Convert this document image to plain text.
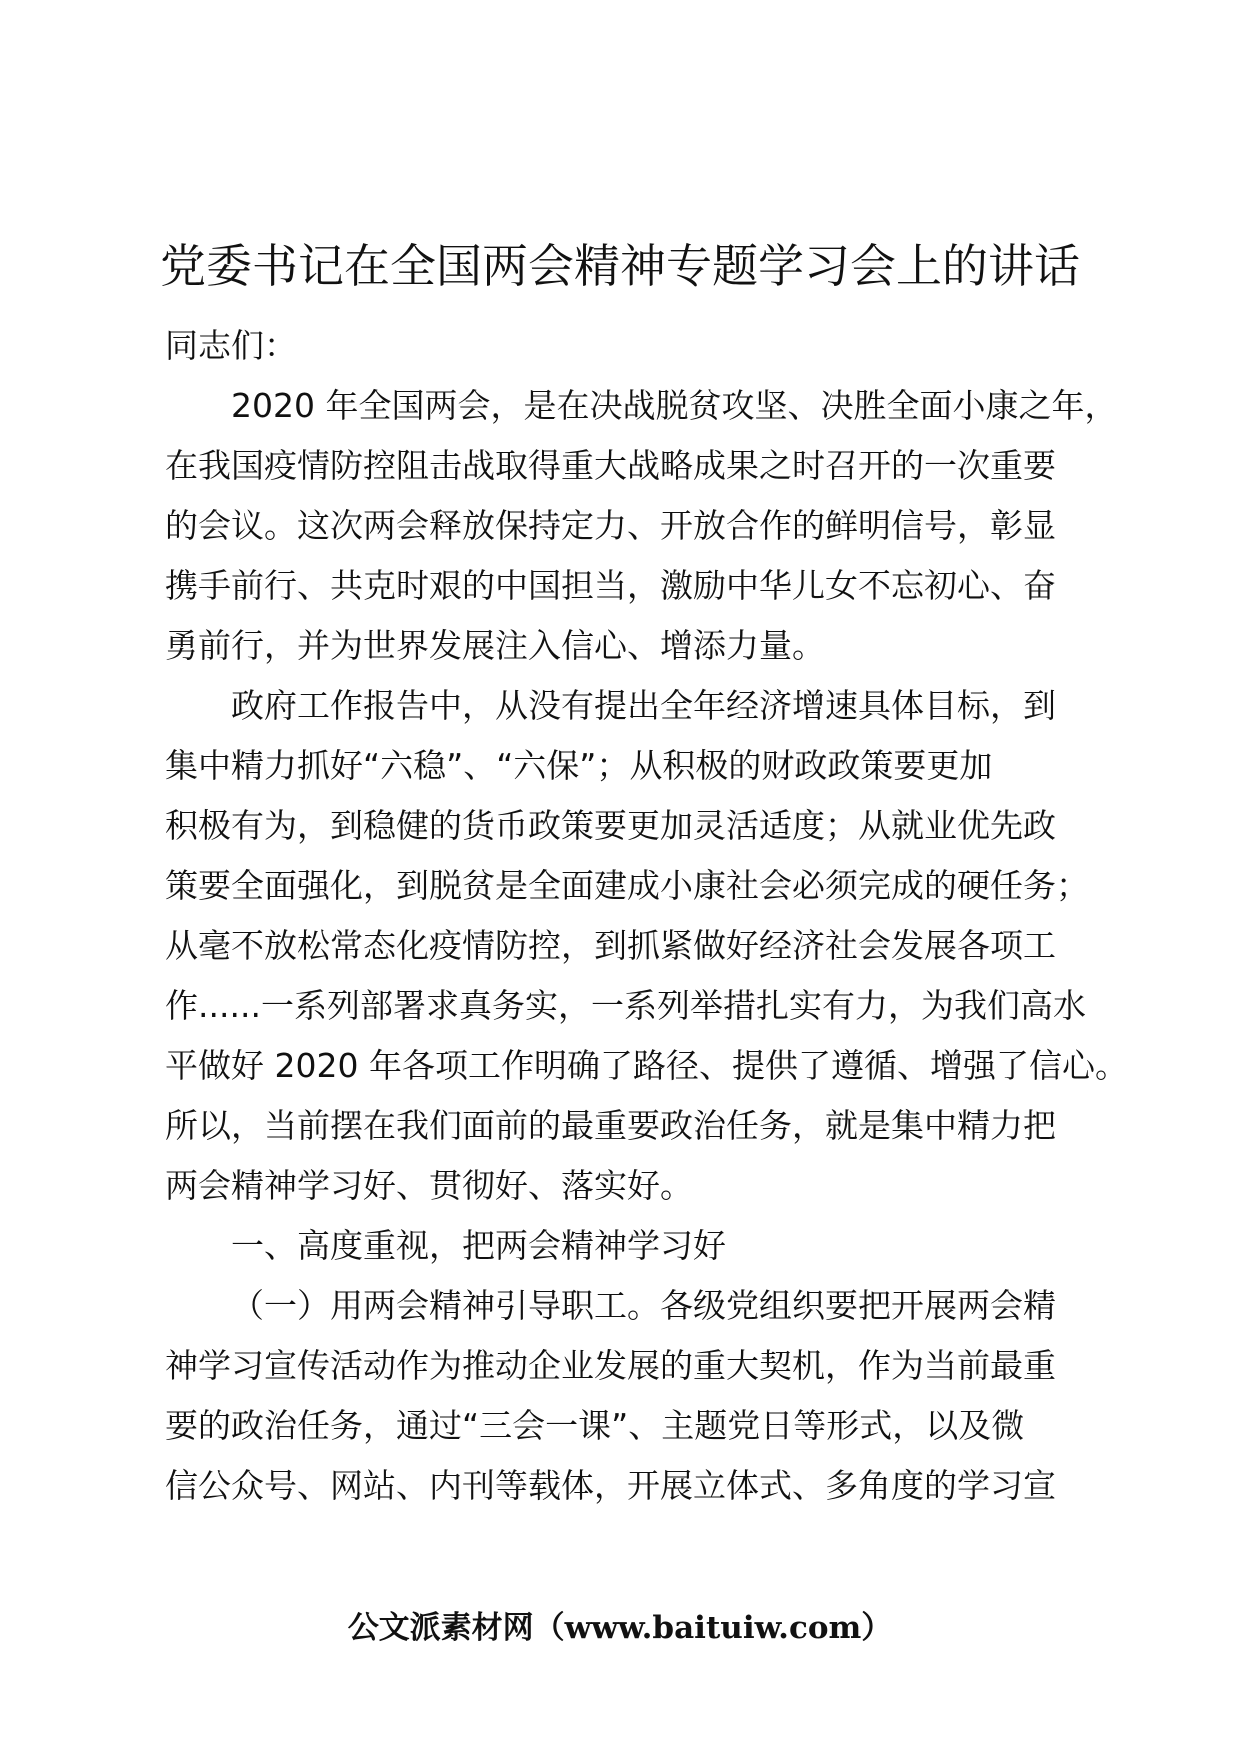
党委书记在全国两会精神专题学习会上的讲话
同志们：
2020 年全国两会，是在决战脱贫攻坚、决胜全面小康之年，
在我国疫情防控阻击战取得重大战略成果之时召开的一次重要
的会议。这次两会释放保持定力、开放合作的鲜明信号，彰显
携手前行、共克时艰的中国担当，激励中华儿女不忘初心、奋
勇前行，并为世界发展注入信心、增添力量。
政府工作报告中，从没有提出全年经济增速具体目标，到
集中精力抓好“六稳”、“六保”；从积极的财政政策要更加
积极有为，到稳健的货币政策要更加灵活适度；从就业优先政
策要全面强化，到脱贫是全面建成小康社会必须完成的硬任务；
从毫不放松常态化疫情防控，到抓紧做好经济社会发展各项工
作......一系列部署求真务实，一系列举措扎实有力，为我们高水
平做好 2020 年各项工作明确了路径、提供了遵循、增强了信心。
所以，当前摆在我们面前的最重要政治任务，就是集中精力把
两会精神学习好、贯彻好、落实好。
一、高度重视，把两会精神学习好
（一）用两会精神引导职工。各级党组织要把开展两会精
神学习宣传活动作为推动企业发展的重大契机，作为当前最重
要的政治任务，通过“三会一课”、主题党日等形式，以及微
信公众号、网站、内刊等载体，开展立体式、多角度的学习宣
公文派素材网（www.baituiw.com）
